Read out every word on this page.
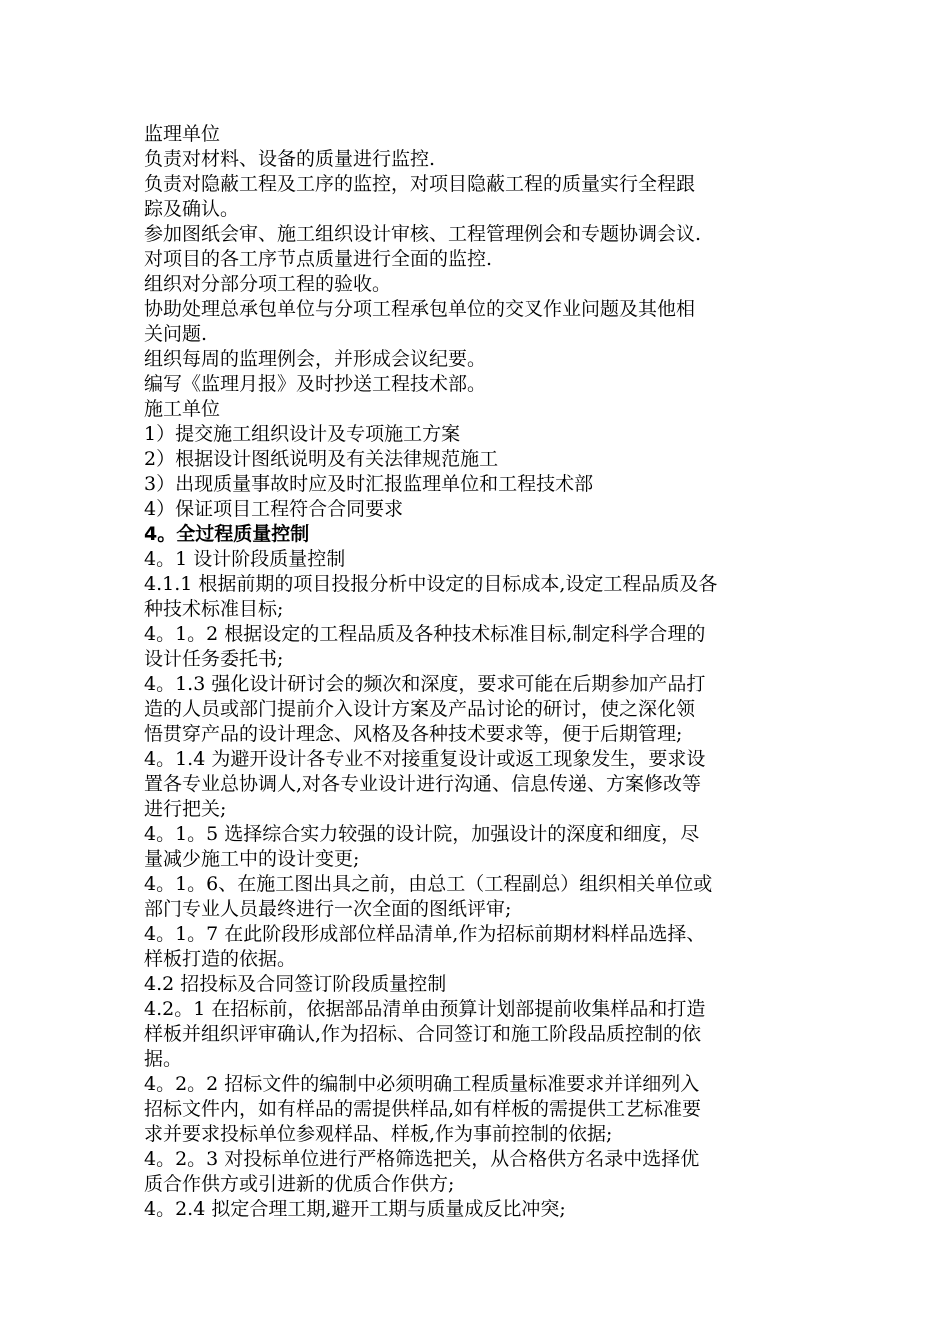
监理单位
负责对材料、设备的质量进行监控.
负责对隐蔽工程及工序的监控，对项目隐蔽工程的质量实行全程跟
踪及确认。
参加图纸会审、施工组织设计审核、工程管理例会和专题协调会议.
对项目的各工序节点质量进行全面的监控.
组织对分部分项工程的验收。
协助处理总承包单位与分项工程承包单位的交叉作业问题及其他相
关问题.
组织每周的监理例会，并形成会议纪要。
编写《监理月报》及时抄送工程技术部。
施工单位
1）提交施工组织设计及专项施工方案
2）根据设计图纸说明及有关法律规范施工
3）出现质量事故时应及时汇报监理单位和工程技术部
4）保证项目工程符合合同要求
4。全过程质量控制
4。1 设计阶段质量控制
4.1.1 根据前期的项目投报分析中设定的目标成本,设定工程品质及各
种技术标准目标;
4。1。2 根据设定的工程品质及各种技术标准目标,制定科学合理的
设计任务委托书;
4。1.3 强化设计研讨会的频次和深度，要求可能在后期参加产品打
造的人员或部门提前介入设计方案及产品讨论的研讨，使之深化领
悟贯穿产品的设计理念、风格及各种技术要求等，便于后期管理;
4。1.4 为避开设计各专业不对接重复设计或返工现象发生，要求设
置各专业总协调人,对各专业设计进行沟通、信息传递、方案修改等
进行把关;
4。1。5 选择综合实力较强的设计院，加强设计的深度和细度，尽
量减少施工中的设计变更;
4。1。6、在施工图出具之前，由总工（工程副总）组织相关单位或
部门专业人员最终进行一次全面的图纸评审;
4。1。7 在此阶段形成部位样品清单,作为招标前期材料样品选择、
样板打造的依据。
4.2 招投标及合同签订阶段质量控制
4.2。1 在招标前，依据部品清单由预算计划部提前收集样品和打造
样板并组织评审确认,作为招标、合同签订和施工阶段品质控制的依
据。
4。2。2 招标文件的编制中必须明确工程质量标准要求并详细列入
招标文件内，如有样品的需提供样品,如有样板的需提供工艺标准要
求并要求投标单位参观样品、样板,作为事前控制的依据;
4。2。3 对投标单位进行严格筛选把关，从合格供方名录中选择优
质合作供方或引进新的优质合作供方;
4。2.4 拟定合理工期,避开工期与质量成反比冲突;
